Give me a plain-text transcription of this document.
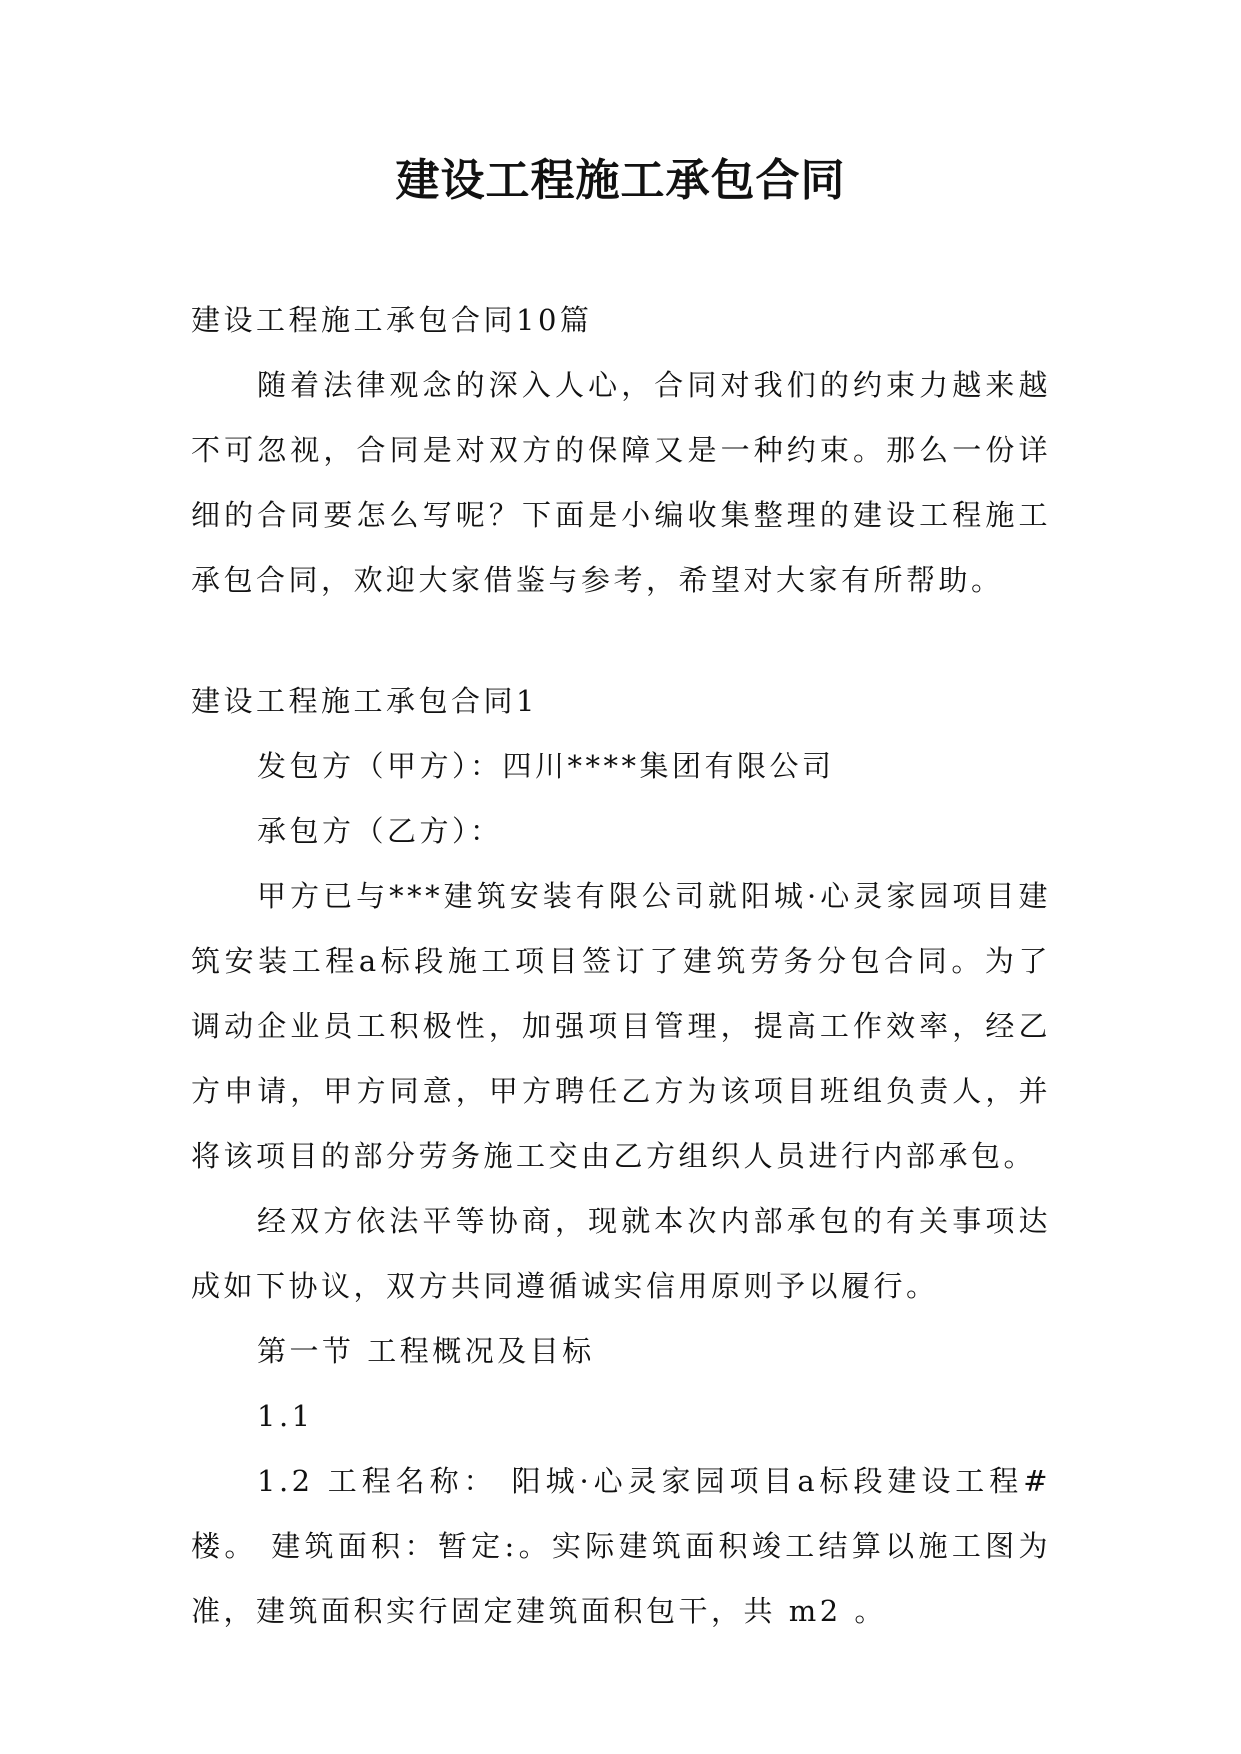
建设工程施工承包合同

建设工程施工承包合同10篇

随着法律观念的深入人心，合同对我们的约束力越来越不可忽视，合同是对双方的保障又是一种约束。那么一份详细的合同要怎么写呢？下面是小编收集整理的建设工程施工承包合同，欢迎大家借鉴与参考，希望对大家有所帮助。

建设工程施工承包合同1

发包方（甲方）：四川****集团有限公司

承包方（乙方）：

甲方已与***建筑安装有限公司就阳城·心灵家园项目建筑安装工程a标段施工项目签订了建筑劳务分包合同。为了调动企业员工积极性，加强项目管理，提高工作效率，经乙方申请，甲方同意，甲方聘任乙方为该项目班组负责人，并将该项目的部分劳务施工交由乙方组织人员进行内部承包。

经双方依法平等协商，现就本次内部承包的有关事项达成如下协议，双方共同遵循诚实信用原则予以履行。

第一节 工程概况及目标

1.1

1.2 工程名称： 阳城·心灵家园项目a标段建设工程#楼。 建筑面积：暂定:。实际建筑面积竣工结算以施工图为准，建筑面积实行固定建筑面积包干，共 m2 。
